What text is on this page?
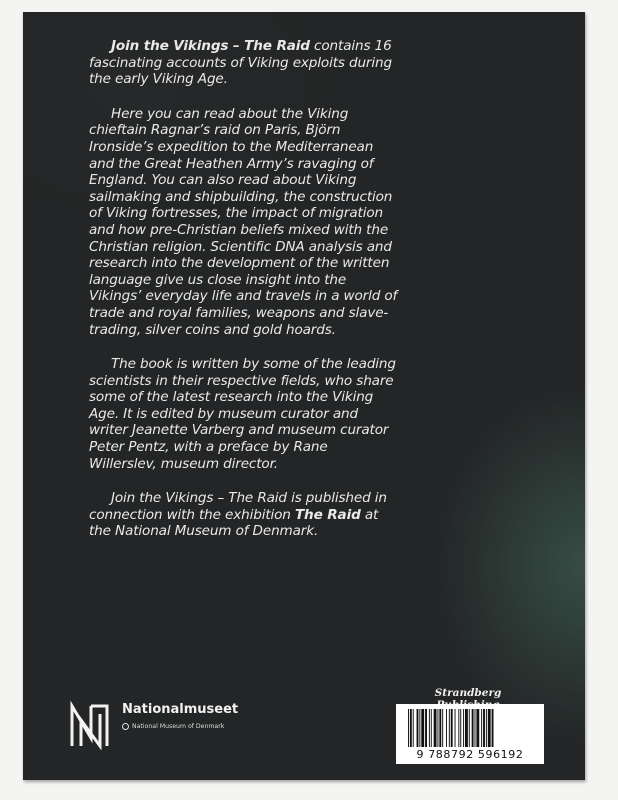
Join the Vikings – The Raid contains 16 fascinating accounts of Viking exploits during the early Viking Age.

Here you can read about the Viking chieftain Ragnar’s raid on Paris, Björn Ironside’s expedition to the Mediterranean and the Great Heathen Army’s ravaging of England. You can also read about Viking sailmaking and shipbuilding, the construction of Viking fortresses, the impact of migration and how pre-Christian beliefs mixed with the Christian religion. Scientific DNA analysis and research into the development of the written language give us close insight into the Vikings’ everyday life and travels in a world of trade and royal families, weapons and slave-trading, silver coins and gold hoards.

The book is written by some of the leading scientists in their respective fields, who share some of the latest research into the Viking Age. It is edited by museum curator and writer Jeanette Varberg and museum curator Peter Pentz, with a preface by Rane Willerslev, museum director.

Join the Vikings – The Raid is published in connection with the exhibition The Raid at the National Museum of Denmark.

Nationalmuseet
National Museum of Denmark
Strandberg
9 788792 596192
